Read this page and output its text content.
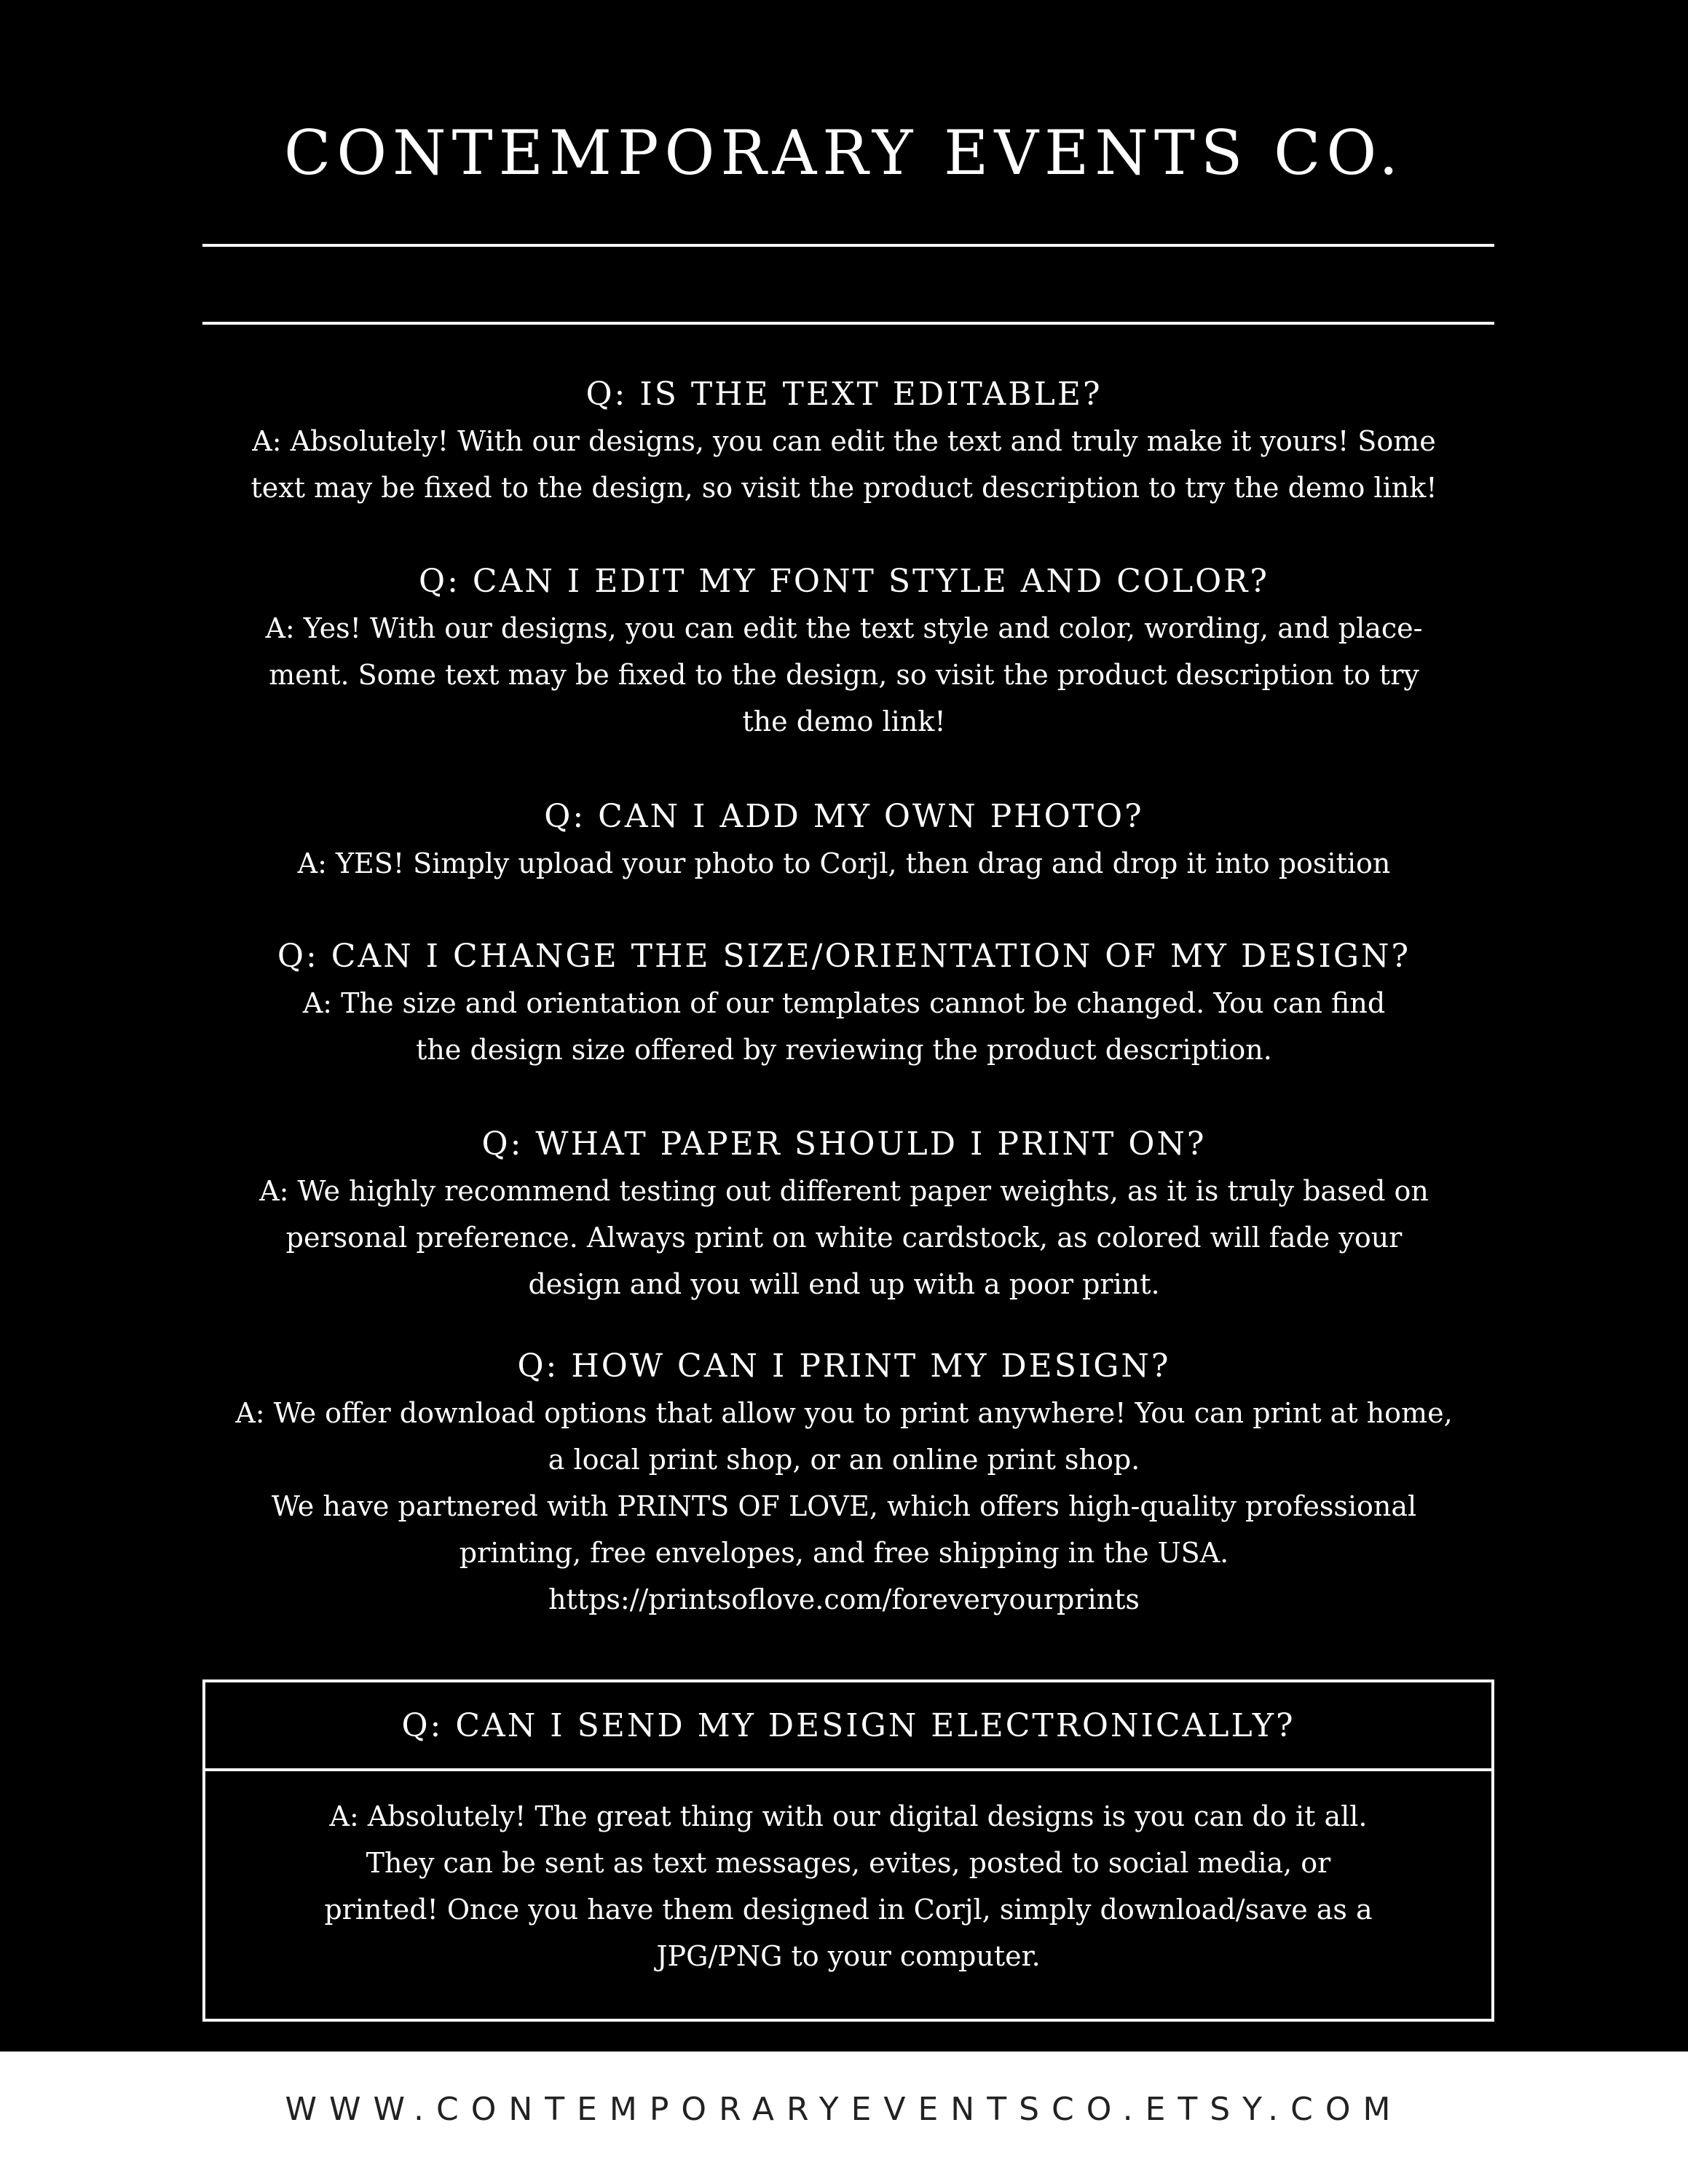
CONTEMPORARY EVENTS CO.
Q: IS THE TEXT EDITABLE?

A: Absolutely! With our designs, you can edit the text and truly make it yours! Some
text may be fixed to the design, so visit the product description to try the demo link!

Q: CAN I EDIT MY FONT STYLE AND COLOR?

A: Yes! With our designs, you can edit the text style and color, wording, and place-
ment. Some text may be fixed to the design, so visit the product description to try
the demo link!

Q: CAN I ADD MY OWN PHOTO?

A: YES! Simply upload your photo to Corjl, then drag and drop it into position

Q: CAN I CHANGE THE SIZE/ORIENTATION OF MY DESIGN?

A: The size and orientation of our templates cannot be changed. You can find
the design size offered by reviewing the product description.

Q: WHAT PAPER SHOULD I PRINT ON?

A: We highly recommend testing out different paper weights, as it is truly based on
personal preference. Always print on white cardstock, as colored will fade your
design and you will end up with a poor print.

Q: HOW CAN I PRINT MY DESIGN?

A: We offer download options that allow you to print anywhere! You can print at home,
a local print shop, or an online print shop.
We have partnered with PRINTS OF LOVE, which offers high-quality professional
printing, free envelopes, and free shipping in the USA.
https://printsoflove.com/foreveryourprints

Q: CAN I SEND MY DESIGN ELECTRONICALLY?

A: Absolutely! The great thing with our digital designs is you can do it all.
They can be sent as text messages, evites, posted to social media, or
printed! Once you have them designed in Corjl, simply download/save as a
JPG/PNG to your computer.

WWW.CONTEMPORARYEVENTSCO.ETSY.COM
